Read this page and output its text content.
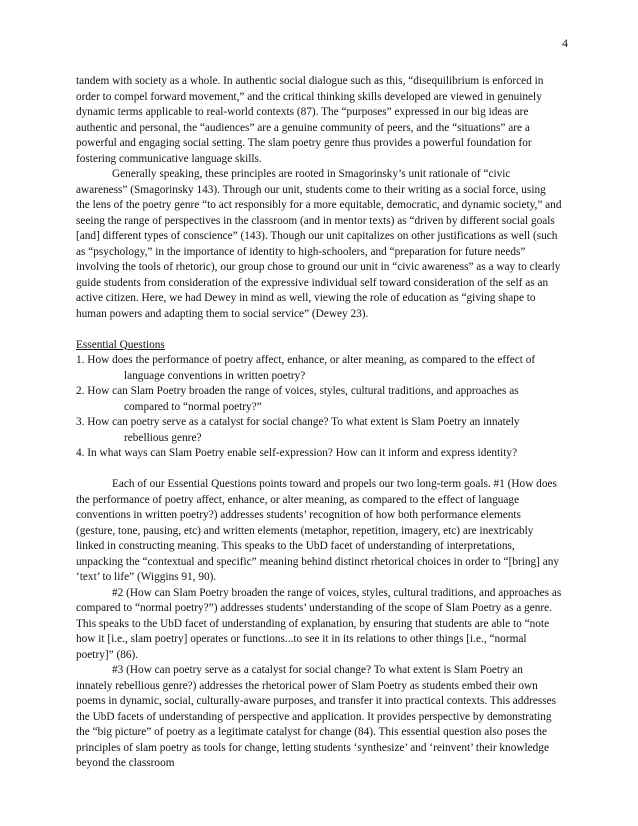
4

tandem with society as a whole. In authentic social dialogue such as this, “disequilibrium is enforced in order to compel forward movement,” and the critical thinking skills developed are viewed in genuinely dynamic terms applicable to real-world contexts (87). The “purposes” expressed in our big ideas are authentic and personal, the “audiences” are a genuine community of peers, and the “situations” are a powerful and engaging social setting. The slam poetry genre thus provides a powerful foundation for fostering communicative language skills.

Generally speaking, these principles are rooted in Smagorinsky’s unit rationale of “civic awareness” (Smagorinsky 143). Through our unit, students come to their writing as a social force, using the lens of the poetry genre “to act responsibly for a more equitable, democratic, and dynamic society,” and seeing the range of perspectives in the classroom (and in mentor texts) as “driven by different social goals [and] different types of conscience” (143). Though our unit capitalizes on other justifications as well (such as “psychology,” in the importance of identity to high-schoolers, and “preparation for future needs” involving the tools of rhetoric), our group chose to ground our unit in “civic awareness” as a way to clearly guide students from consideration of the expressive individual self toward consideration of the self as an active citizen. Here, we had Dewey in mind as well, viewing the role of education as “giving shape to human powers and adapting them to social service” (Dewey 23).

Essential Questions

1. How does the performance of poetry affect, enhance, or alter meaning, as compared to the effect of language conventions in written poetry?
2. How can Slam Poetry broaden the range of voices, styles, cultural traditions, and approaches as compared to “normal poetry?”
3. How can poetry serve as a catalyst for social change? To what extent is Slam Poetry an innately rebellious genre?
4. In what ways can Slam Poetry enable self-expression? How can it inform and express identity?

Each of our Essential Questions points toward and propels our two long-term goals. #1 (How does the performance of poetry affect, enhance, or alter meaning, as compared to the effect of language conventions in written poetry?) addresses students’ recognition of how both performance elements (gesture, tone, pausing, etc) and written elements (metaphor, repetition, imagery, etc) are inextricably linked in constructing meaning. This speaks to the UbD facet of understanding of interpretations, unpacking the “contextual and specific” meaning behind distinct rhetorical choices in order to “[bring] any ‘text’ to life” (Wiggins 91, 90).

#2 (How can Slam Poetry broaden the range of voices, styles, cultural traditions, and approaches as compared to “normal poetry?”) addresses students’ understanding of the scope of Slam Poetry as a genre. This speaks to the UbD facet of understanding of explanation, by ensuring that students are able to “note how it [i.e., slam poetry] operates or functions...to see it in its relations to other things [i.e., “normal poetry]” (86).

#3 (How can poetry serve as a catalyst for social change? To what extent is Slam Poetry an innately rebellious genre?) addresses the rhetorical power of Slam Poetry as students embed their own poems in dynamic, social, culturally-aware purposes, and transfer it into practical contexts. This addresses the UbD facets of understanding of perspective and application. It provides perspective by demonstrating the “big picture” of poetry as a legitimate catalyst for change (84). This essential question also poses the principles of slam poetry as tools for change, letting students ‘synthesize’ and ‘reinvent’ their knowledge beyond the classroom
